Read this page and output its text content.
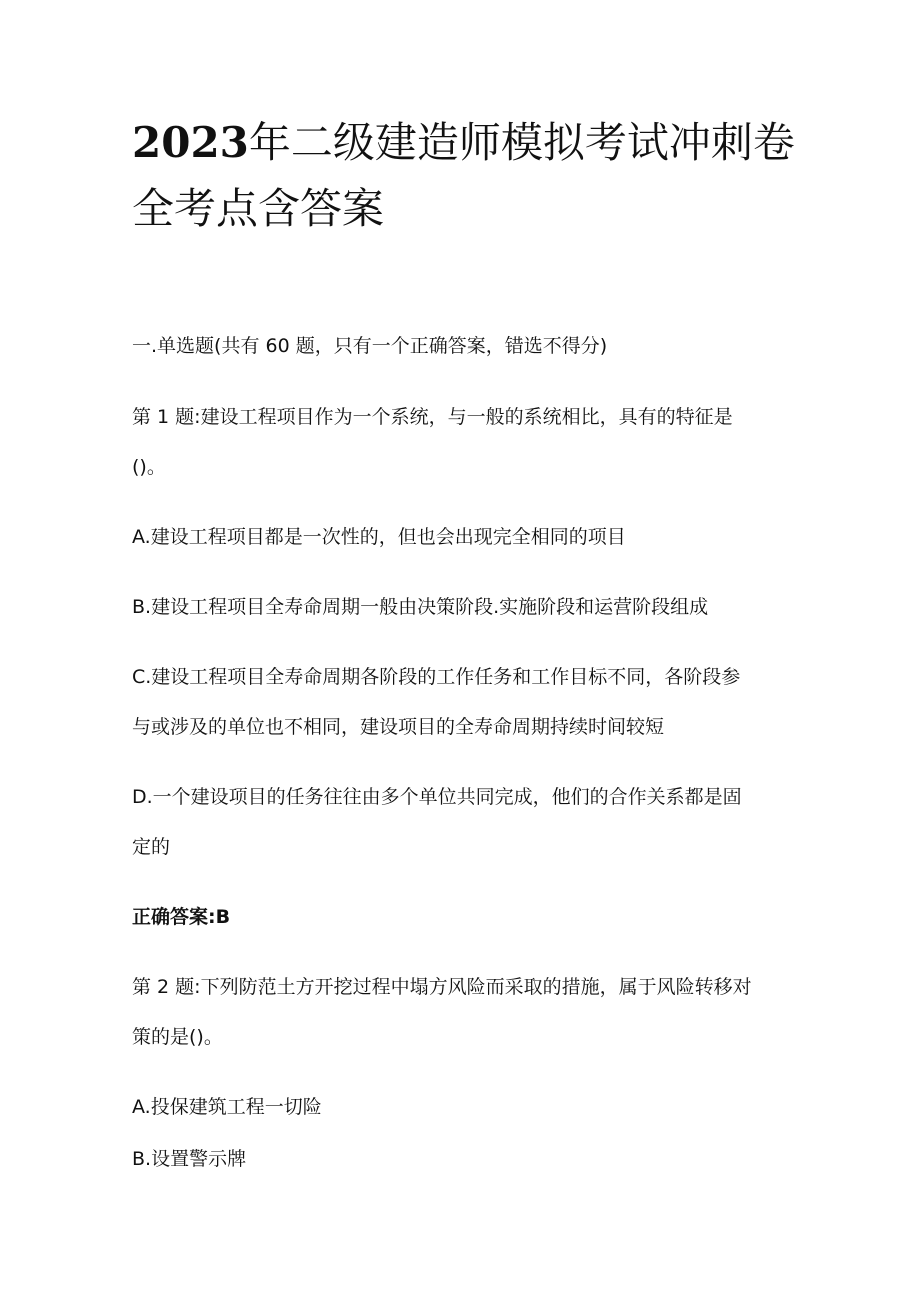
2023年二级建造师模拟考试冲刺卷
全考点含答案

一.单选题(共有 60 题，只有一个正确答案，错选不得分)

第 1 题:建设工程项目作为一个系统，与一般的系统相比，具有的特征是

()。

A.建设工程项目都是一次性的，但也会出现完全相同的项目

B.建设工程项目全寿命周期一般由决策阶段.实施阶段和运营阶段组成

C.建设工程项目全寿命周期各阶段的工作任务和工作目标不同，各阶段参

与或涉及的单位也不相同，建设项目的全寿命周期持续时间较短

D.一个建设项目的任务往往由多个单位共同完成，他们的合作关系都是固

定的

正确答案:B

第 2 题:下列防范土方开挖过程中塌方风险而采取的措施，属于风险转移对

策的是()。

A.投保建筑工程一切险

B.设置警示牌
